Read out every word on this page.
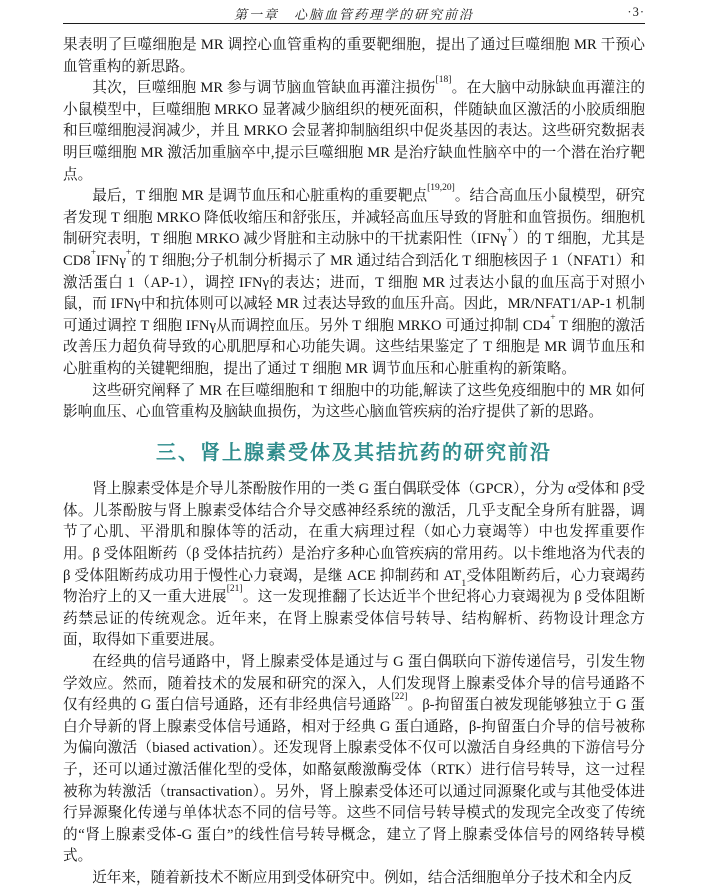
第一章　心脑血管药理学的研究前沿	·3·

果表明了巨噬细胞是 MR 调控心血管重构的重要靶细胞，提出了通过巨噬细胞 MR 干预心血管重构的新思路。

其次，巨噬细胞 MR 参与调节脑血管缺血再灌注损伤[18]。在大脑中动脉缺血再灌注的小鼠模型中，巨噬细胞 MRKO 显著减少脑组织的梗死面积，伴随缺血区激活的小胶质细胞和巨噬细胞浸润减少，并且 MRKO 会显著抑制脑组织中促炎基因的表达。这些研究数据表明巨噬细胞 MR 激活加重脑卒中,提示巨噬细胞 MR 是治疗缺血性脑卒中的一个潜在治疗靶点。

最后，T 细胞 MR 是调节血压和心脏重构的重要靶点[19,20]。结合高血压小鼠模型，研究者发现 T 细胞 MRKO 降低收缩压和舒张压，并减轻高血压导致的肾脏和血管损伤。细胞机制研究表明，T 细胞 MRKO 减少肾脏和主动脉中的干扰素阳性（IFNγ+）的 T 细胞，尤其是 CD8+IFNγ+的 T 细胞;分子机制分析揭示了 MR 通过结合到活化 T 细胞核因子 1（NFAT1）和激活蛋白 1（AP-1），调控 IFNγ的表达；进而，T 细胞 MR 过表达小鼠的血压高于对照小鼠，而 IFNγ中和抗体则可以减轻 MR 过表达导致的血压升高。因此，MR/NFAT1/AP-1 机制可通过调控 T 细胞 IFNγ从而调控血压。另外 T 细胞 MRKO 可通过抑制 CD4+ T 细胞的激活改善压力超负荷导致的心肌肥厚和心功能失调。这些结果鉴定了 T 细胞是 MR 调节血压和心脏重构的关键靶细胞，提出了通过 T 细胞 MR 调节血压和心脏重构的新策略。

这些研究阐释了 MR 在巨噬细胞和 T 细胞中的功能,解读了这些免疫细胞中的 MR 如何影响血压、心血管重构及脑缺血损伤，为这些心脑血管疾病的治疗提供了新的思路。

三、肾上腺素受体及其拮抗药的研究前沿

肾上腺素受体是介导儿茶酚胺作用的一类 G 蛋白偶联受体（GPCR），分为 α受体和 β受体。儿茶酚胺与肾上腺素受体结合介导交感神经系统的激活，几乎支配全身所有脏器，调节了心肌、平滑肌和腺体等的活动，在重大病理过程（如心力衰竭等）中也发挥重要作用。β 受体阻断药（β 受体拮抗药）是治疗多种心血管疾病的常用药。以卡维地洛为代表的 β 受体阻断药成功用于慢性心力衰竭，是继 ACE 抑制药和 $AT_1$受体阻断药后，心力衰竭药物治疗上的又一重大进展[21]。这一发现推翻了长达近半个世纪将心力衰竭视为 β 受体阻断药禁忌证的传统观念。近年来，在肾上腺素受体信号转导、结构解析、药物设计理念方面，取得如下重要进展。

在经典的信号通路中，肾上腺素受体是通过与 G 蛋白偶联向下游传递信号，引发生物学效应。然而，随着技术的发展和研究的深入，人们发现肾上腺素受体介导的信号通路不仅有经典的 G 蛋白信号通路，还有非经典信号通路[22]。β-拘留蛋白被发现能够独立于 G 蛋白介导新的肾上腺素受体信号通路，相对于经典 G 蛋白通路，β-拘留蛋白介导的信号被称为偏向激活（biased activation）。还发现肾上腺素受体不仅可以激活自身经典的下游信号分子，还可以通过激活催化型的受体，如酪氨酸激酶受体（RTK）进行信号转导，这一过程被称为转激活（transactivation）。另外，肾上腺素受体还可以通过同源聚化或与其他受体进行异源聚化传递与单体状态不同的信号等。这些不同信号转导模式的发现完全改变了传统的“肾上腺素受体-G 蛋白”的线性信号转导概念，建立了肾上腺素受体信号的网络转导模式。

近年来，随着新技术不断应用到受体研究中。例如，结合活细胞单分子技术和全内反
